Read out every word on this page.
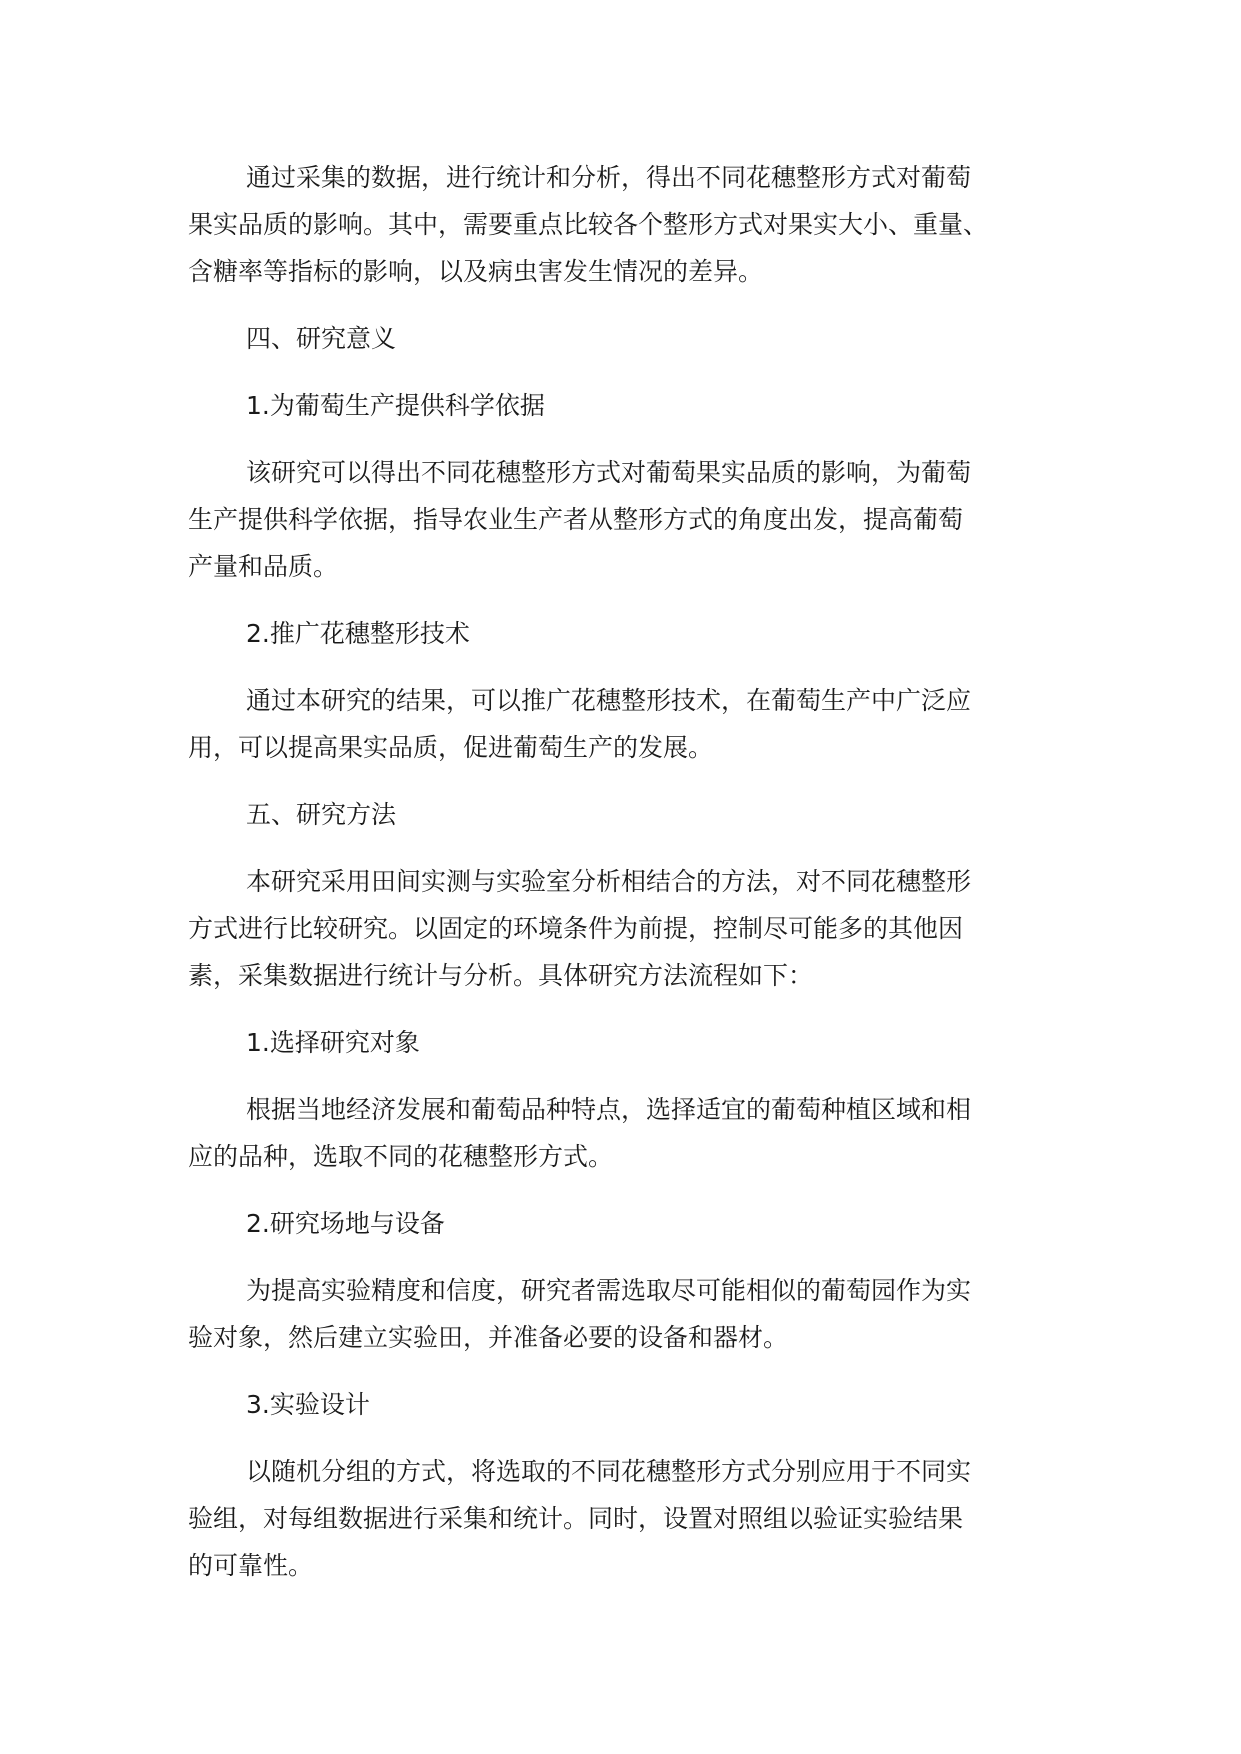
通过采集的数据，进行统计和分析，得出不同花穗整形方式对葡萄
果实品质的影响。其中，需要重点比较各个整形方式对果实大小、重量、
含糖率等指标的影响，以及病虫害发生情况的差异。
四、研究意义
1.为葡萄生产提供科学依据
该研究可以得出不同花穗整形方式对葡萄果实品质的影响，为葡萄
生产提供科学依据，指导农业生产者从整形方式的角度出发，提高葡萄
产量和品质。
2.推广花穗整形技术
通过本研究的结果，可以推广花穗整形技术，在葡萄生产中广泛应
用，可以提高果实品质，促进葡萄生产的发展。
五、研究方法
本研究采用田间实测与实验室分析相结合的方法，对不同花穗整形
方式进行比较研究。以固定的环境条件为前提，控制尽可能多的其他因
素，采集数据进行统计与分析。具体研究方法流程如下：
1.选择研究对象
根据当地经济发展和葡萄品种特点，选择适宜的葡萄种植区域和相
应的品种，选取不同的花穗整形方式。
2.研究场地与设备
为提高实验精度和信度，研究者需选取尽可能相似的葡萄园作为实
验对象，然后建立实验田，并准备必要的设备和器材。
3.实验设计
以随机分组的方式，将选取的不同花穗整形方式分别应用于不同实
验组，对每组数据进行采集和统计。同时，设置对照组以验证实验结果
的可靠性。
